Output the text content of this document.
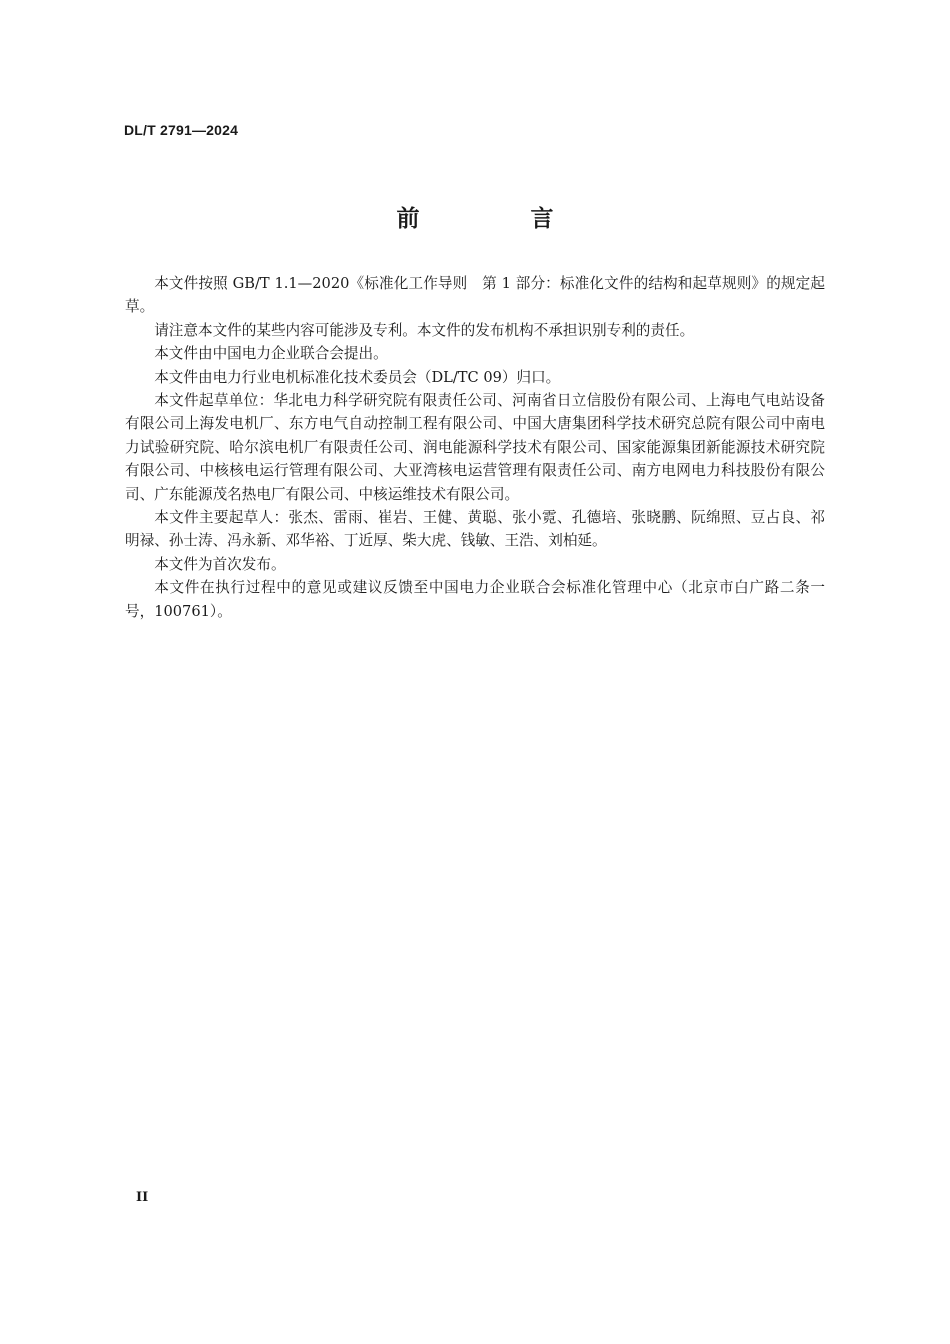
DL/T 2791—2024
前　言

本文件按照 GB/T 1.1—2020《标准化工作导则　第 1 部分：标准化文件的结构和起草规则》的规定起草。

请注意本文件的某些内容可能涉及专利。本文件的发布机构不承担识别专利的责任。

本文件由中国电力企业联合会提出。

本文件由电力行业电机标准化技术委员会（DL/TC 09）归口。

本文件起草单位：华北电力科学研究院有限责任公司、河南省日立信股份有限公司、上海电气电站设备有限公司上海发电机厂、东方电气自动控制工程有限公司、中国大唐集团科学技术研究总院有限公司中南电力试验研究院、哈尔滨电机厂有限责任公司、润电能源科学技术有限公司、国家能源集团新能源技术研究院有限公司、中核核电运行管理有限公司、大亚湾核电运营管理有限责任公司、南方电网电力科技股份有限公司、广东能源茂名热电厂有限公司、中核运维技术有限公司。

本文件主要起草人：张杰、雷雨、崔岩、王健、黄聪、张小霓、孔德培、张晓鹏、阮绵照、豆占良、祁明禄、孙士涛、冯永新、邓华裕、丁近厚、柴大虎、钱敏、王浩、刘柏延。

本文件为首次发布。

本文件在执行过程中的意见或建议反馈至中国电力企业联合会标准化管理中心（北京市白广路二条一号，100761）。

II
